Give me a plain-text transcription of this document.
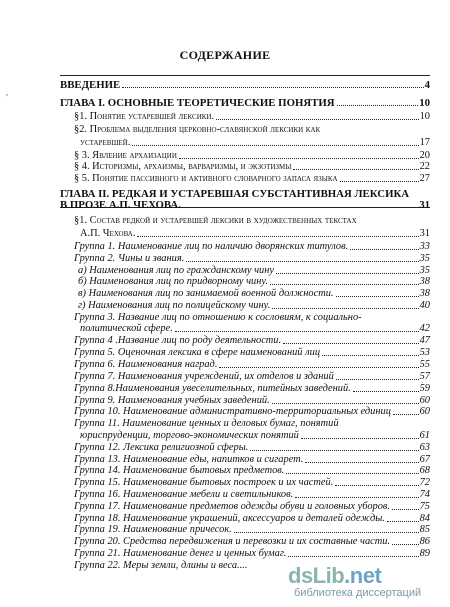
СОДЕРЖАНИЕ
,
ВВЕДЕНИЕ	4
ГЛАВА I. ОСНОВНЫЕ ТЕОРЕТИЧЕСКИЕ ПОНЯТИЯ	10
§1. Понятие устаревшей лексики.	10
§2. Проблема выделения церковно-славянской лексики как
устаревшей.	17
§ 3. Явление архаизации	20
§ 4. Историзмы, архаизмы, варваризмы, и экзотизмы	22
§ 5. Понятие пассивного и активного словарного запаса языка	27
ГЛАВА II. РЕДКАЯ И УСТАРЕВШАЯ СУБСТАНТИВНАЯ ЛЕКСИКА
В ПРОЗЕ А.П. ЧЕХОВА.	31
§1. Состав редкой и устаревшей лексики в художественных текстах
А.П. Чехова.	31
Группа 1. Наименование лиц по наличию дворянских титулов.	33
Группа 2. Чины и звания.	35
а) Наименования лиц по гражданскому чину	35
б) Наименования лиц по придворному чину.	38
в) Наименования лиц по занимаемой военной должности.	38
г) Наименования лиц по полицейскому чину.	40
Группа 3. Название лиц по отношению к сословиям, к социально-
политической сфере.	42
Группа 4 .Название лиц по роду деятельности.	47
Группа 5. Оценочная лексика в сфере наименований лиц	53
Группа 6. Наименования наград.	55
Группа 7. Наименования учреждений, их отделов и зданий	57
Группа 8.Наименования увеселительных, питейных заведений.	59
Группа 9. Наименования учебных заведений.	60
Группа 10. Наименование административно-территориальных единиц	60
Группа 11. Наименование ценных и деловых бумаг, понятий
юриспруденции, торгово-экономических понятий	61
Группа 12. Лексика религиозной сферы.	63
Группа 13. Наименование еды, напитков и сигарет.	67
Группа 14. Наименование бытовых предметов.	68
Группа 15. Наименование бытовых построек и их частей.	72
Группа 16. Наименование мебели и светильников.	74
Группа 17. Наименование предметов одежды обуви и головных уборов.	75
Группа 18. Наименование украшений, аксессуаров и деталей одежды.	84
Группа 19. Наименование причесок.	85
Группа 20. Средства передвижения и перевозки и их составные части.	86
Группа 21. Наименование денег и ценных бумаг.	89
Группа 22. Меры земли, длины и веса.... dsLib.net
библиотека диссертаций
